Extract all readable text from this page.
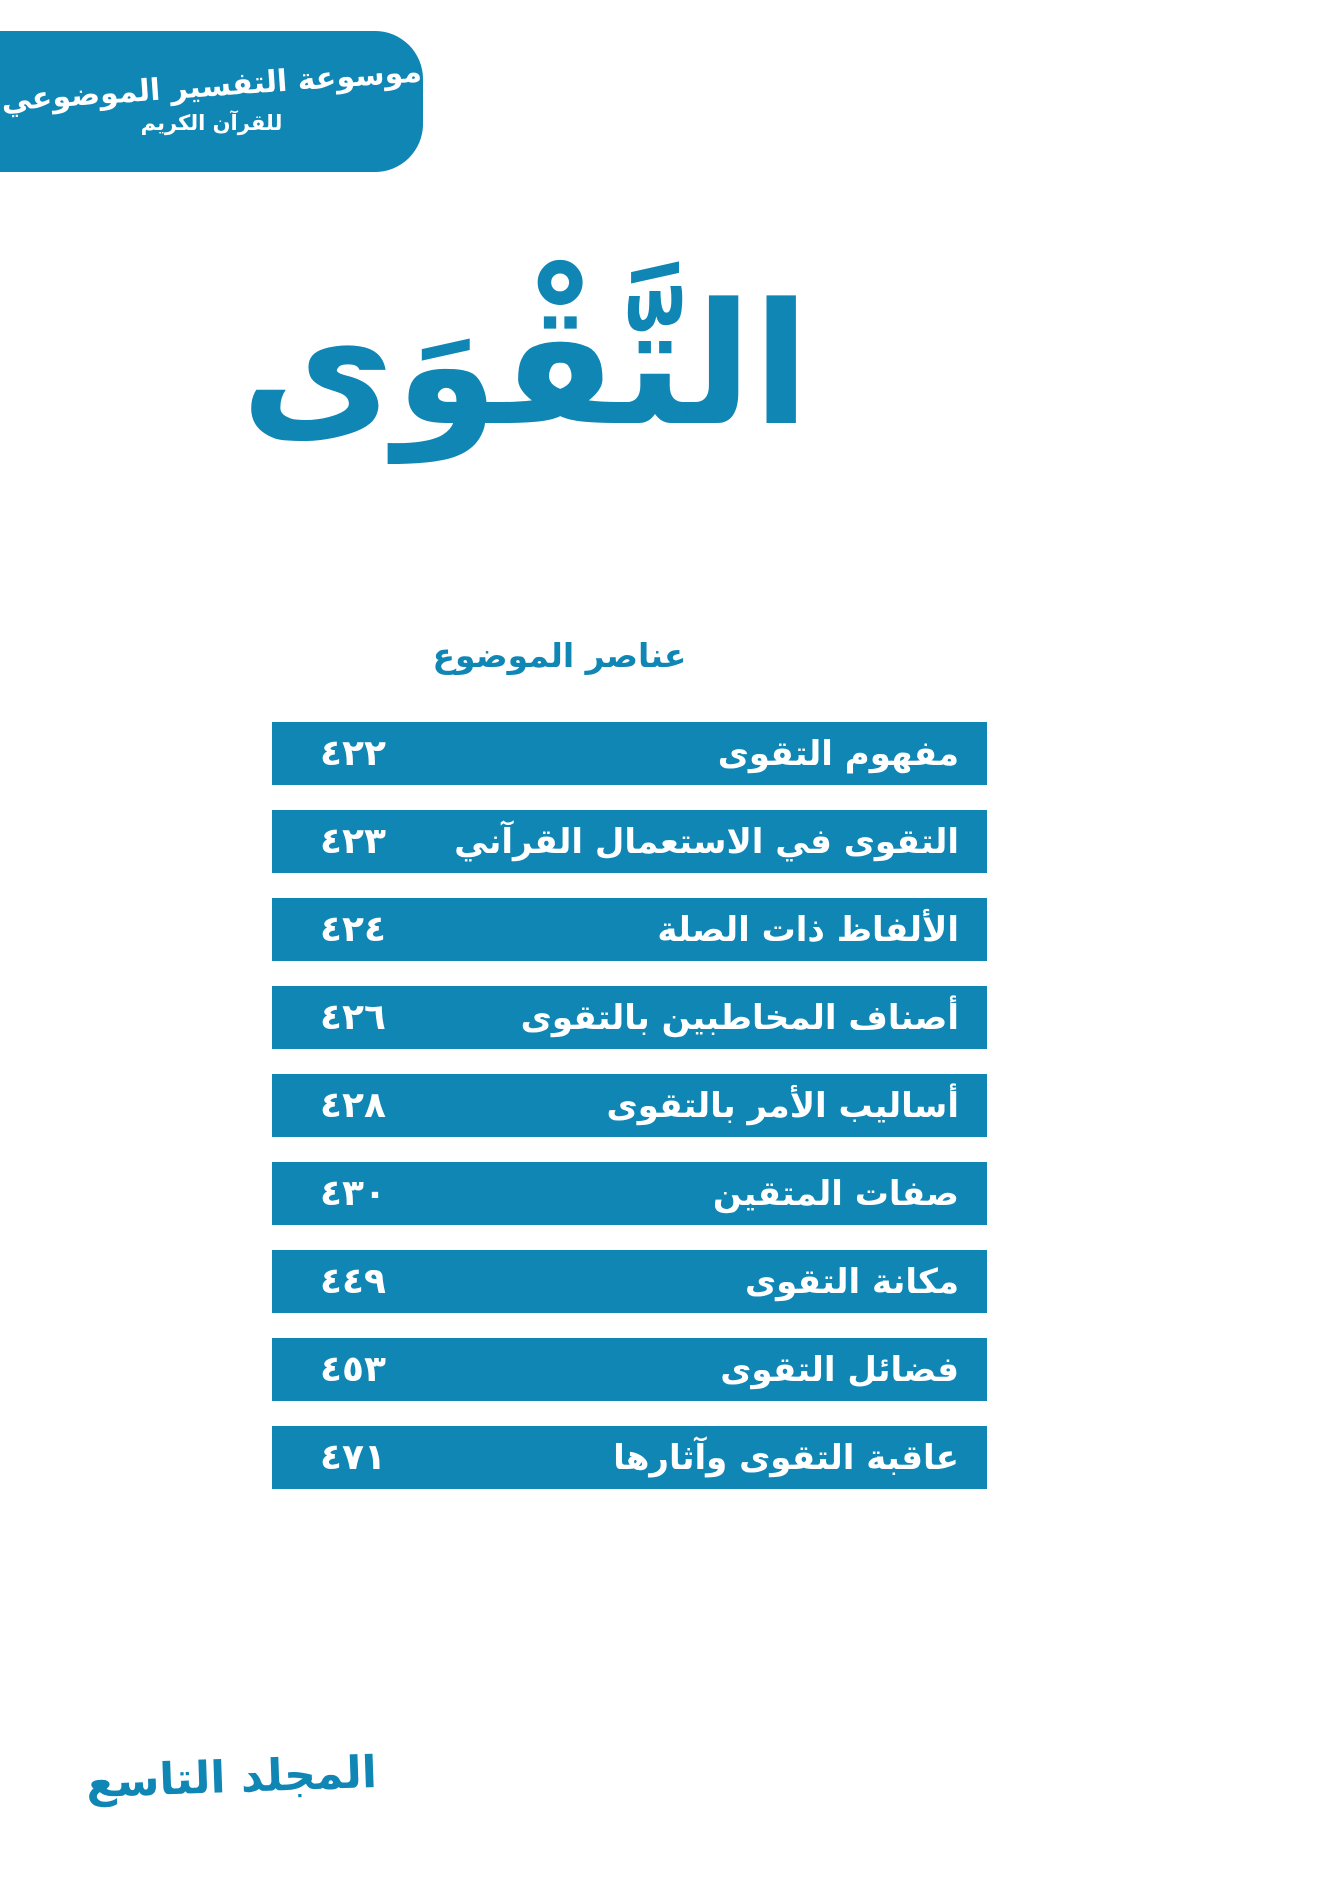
موسوعة التفسير الموضوعي
للقرآن الكريم
التَّقْوَى
عناصر الموضوع
مفهوم التقوى
٤٢٢
التقوى في الاستعمال القرآني
٤٢٣
الألفاظ ذات الصلة
٤٢٤
أصناف المخاطبين بالتقوى
٤٢٦
أساليب الأمر بالتقوى
٤٢٨
صفات المتقين
٤٣٠
مكانة التقوى
٤٤٩
فضائل التقوى
٤٥٣
عاقبة التقوى وآثارها
٤٧١
المجلد التاسع
